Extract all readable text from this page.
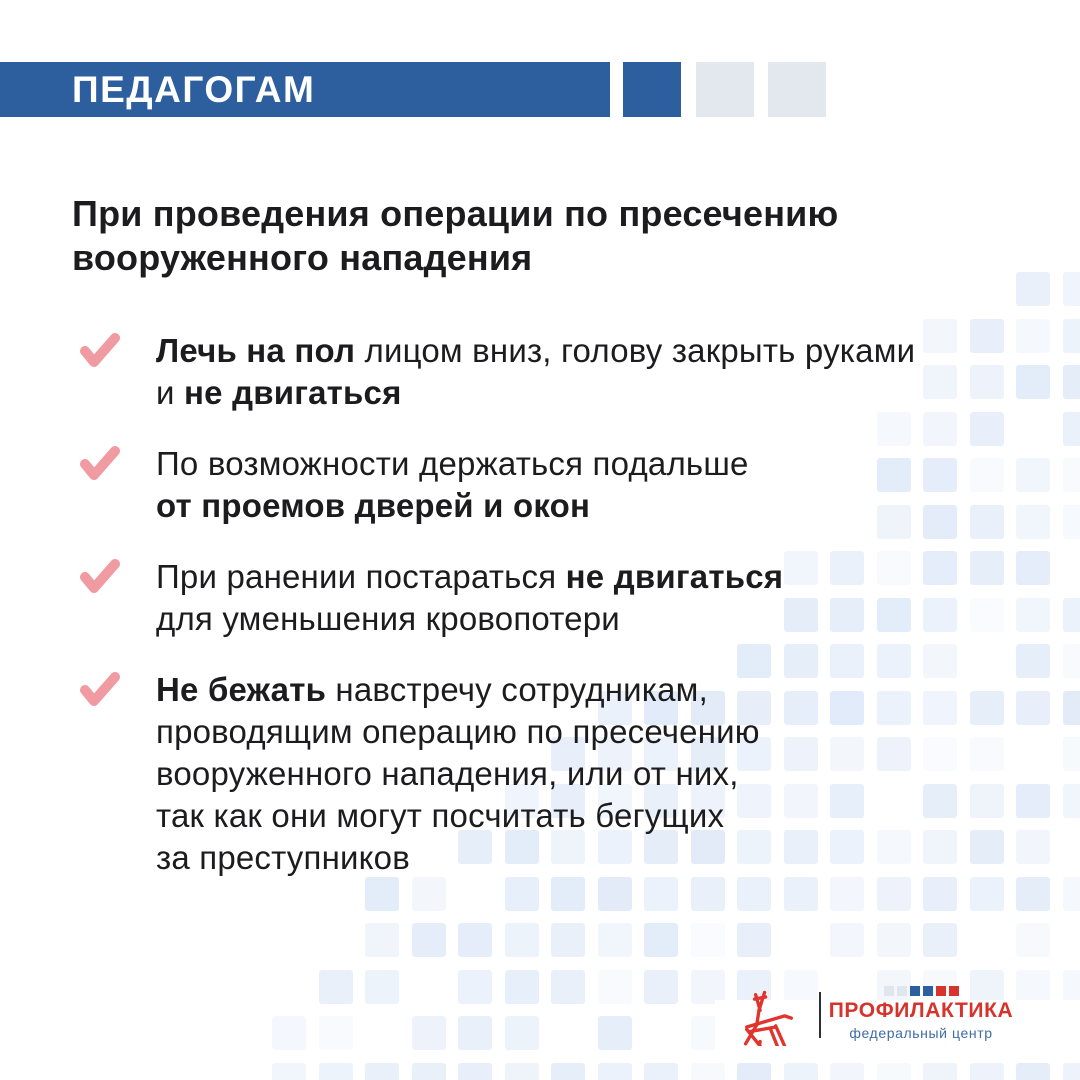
ПЕДАГОГАМ
При проведения операции по пресечению
вооруженного нападения
Лечь на пол лицом вниз, голову закрыть руками
и не двигаться
По возможности держаться подальше
от проемов дверей и окон
При ранении постараться не двигаться
для уменьшения кровопотери
Не бежать навстречу сотрудникам,
проводящим операцию по пресечению
вооруженного нападения, или от них,
так как они могут посчитать бегущих
за преступников
ПРОФИЛАКТИКА
федеральный центр
